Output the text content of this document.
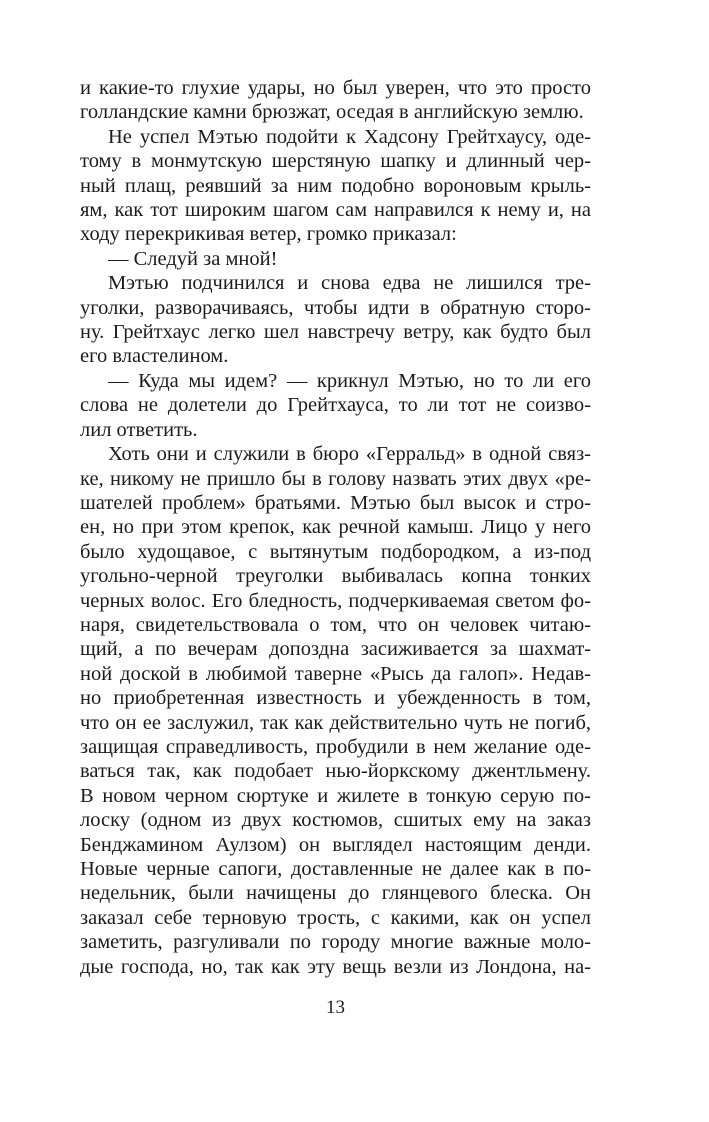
и какие-то глухие удары, но был уверен, что это просто
голландские камни брюзжат, оседая в английскую землю.
Не успел Мэтью подойти к Хадсону Грейтхаусу, оде-
тому в монмутскую шерстяную шапку и длинный чер-
ный плащ, реявший за ним подобно вороновым крыль-
ям, как тот широким шагом сам направился к нему и, на
ходу перекрикивая ветер, громко приказал:
— Следуй за мной!
Мэтью подчинился и снова едва не лишился тре-
уголки, разворачиваясь, чтобы идти в обратную сторо-
ну. Грейтхаус легко шел навстречу ветру, как будто был
его властелином.
— Куда мы идем? — крикнул Мэтью, но то ли его
слова не долетели до Грейтхауса, то ли тот не соизво-
лил ответить.
Хоть они и служили в бюро «Герральд» в одной связ-
ке, никому не пришло бы в голову назвать этих двух «ре-
шателей проблем» братьями. Мэтью был высок и стро-
ен, но при этом крепок, как речной камыш. Лицо у него
было худощавое, с вытянутым подбородком, а из-под
угольно-черной треуголки выбивалась копна тонких
черных волос. Его бледность, подчеркиваемая светом фо-
наря, свидетельствовала о том, что он человек читаю-
щий, а по вечерам допоздна засиживается за шахмат-
ной доской в любимой таверне «Рысь да галоп». Недав-
но приобретенная известность и убежденность в том,
что он ее заслужил, так как действительно чуть не погиб,
защищая справедливость, пробудили в нем желание оде-
ваться так, как подобает нью-йоркскому джентльмену.
В новом черном сюртуке и жилете в тонкую серую по-
лоску (одном из двух костюмов, сшитых ему на заказ
Бенджамином Аулзом) он выглядел настоящим денди.
Новые черные сапоги, доставленные не далее как в по-
недельник, были начищены до глянцевого блеска. Он
заказал себе терновую трость, с какими, как он успел
заметить, разгуливали по городу многие важные моло-
дые господа, но, так как эту вещь везли из Лондона, на-
13
